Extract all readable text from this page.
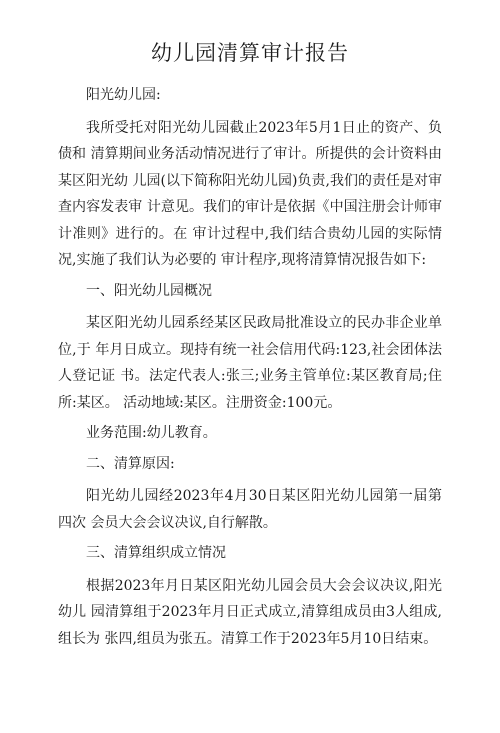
幼儿园清算审计报告

阳光幼儿园:

我所受托对阳光幼儿园截止2023年5月1日止的资产、负债和 清算期间业务活动情况进行了审计。所提供的会计资料由某区阳光幼 儿园(以下简称阳光幼儿园)负责,我们的责任是对审查内容发表审 计意见。我们的审计是依据《中国注册会计师审计准则》进行的。在 审计过程中,我们结合贵幼儿园的实际情况,实施了我们认为必要的 审计程序,现将清算情况报告如下:

一、阳光幼儿园概况

某区阳光幼儿园系经某区民政局批准设立的民办非企业单位,于 年月日成立。现持有统一社会信用代码:123,社会团体法人登记证 书。法定代表人:张三;业务主管单位:某区教育局;住所:某区。 活动地域:某区。注册资金:100元。

业务范围:幼儿教育。

二、清算原因:

阳光幼儿园经2023年4月30日某区阳光幼儿园第一届第四次 会员大会会议决议,自行解散。

三、清算组织成立情况

根据2023年月日某区阳光幼儿园会员大会会议决议,阳光幼儿 园清算组于2023年月日正式成立,清算组成员由3人组成,组长为 张四,组员为张五。清算工作于2023年5月10日结束。
